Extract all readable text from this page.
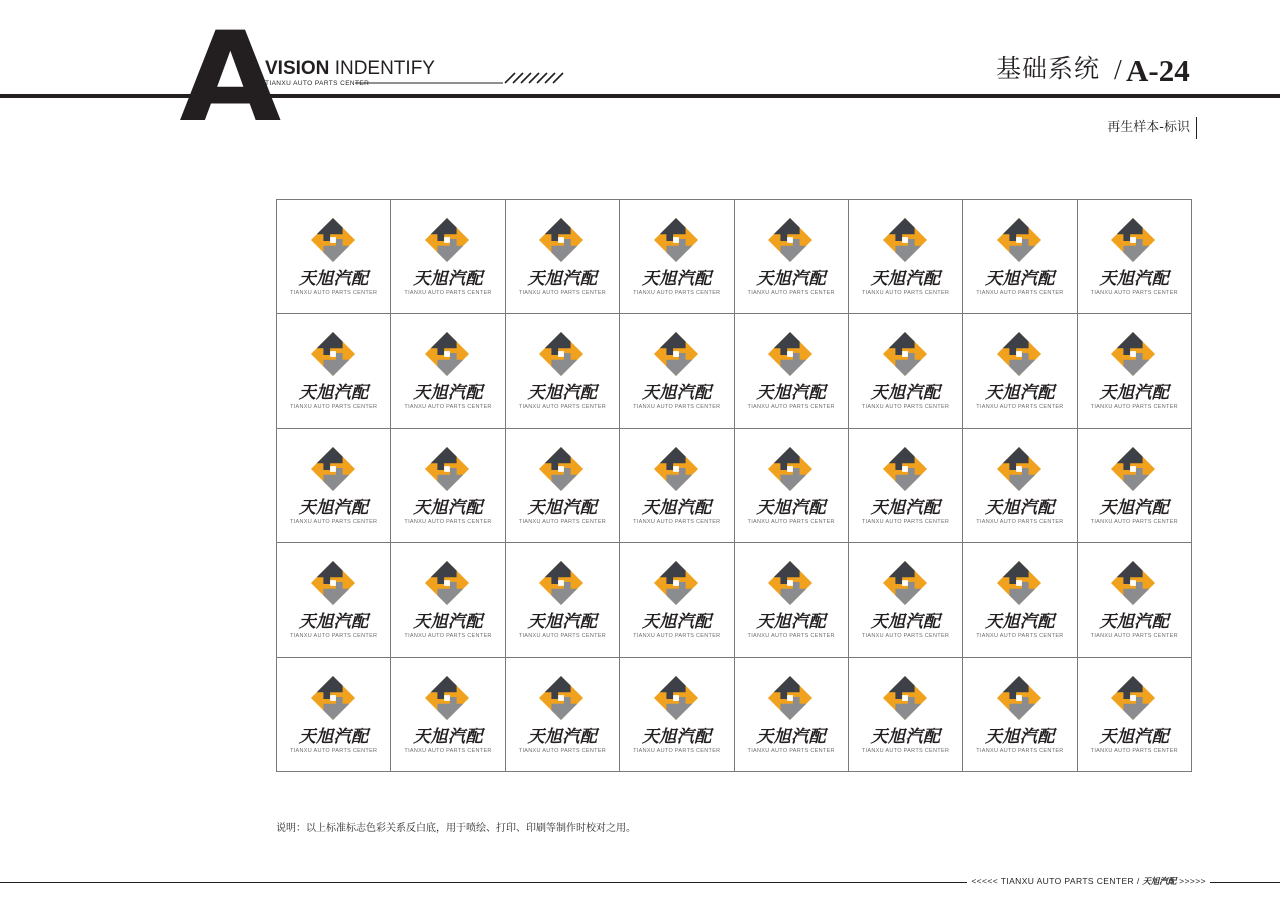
A
VISION INDENTIFY
TIANXU AUTO PARTS CENTER
基础系统 / A-24
再生样本-标识
天旭汽配
TIANXU AUTO PARTS CENTER
天旭汽配
TIANXU AUTO PARTS CENTER
天旭汽配
TIANXU AUTO PARTS CENTER
天旭汽配
TIANXU AUTO PARTS CENTER
天旭汽配
TIANXU AUTO PARTS CENTER
天旭汽配
TIANXU AUTO PARTS CENTER
天旭汽配
TIANXU AUTO PARTS CENTER
天旭汽配
TIANXU AUTO PARTS CENTER
天旭汽配
TIANXU AUTO PARTS CENTER
天旭汽配
TIANXU AUTO PARTS CENTER
天旭汽配
TIANXU AUTO PARTS CENTER
天旭汽配
TIANXU AUTO PARTS CENTER
天旭汽配
TIANXU AUTO PARTS CENTER
天旭汽配
TIANXU AUTO PARTS CENTER
天旭汽配
TIANXU AUTO PARTS CENTER
天旭汽配
TIANXU AUTO PARTS CENTER
天旭汽配
TIANXU AUTO PARTS CENTER
天旭汽配
TIANXU AUTO PARTS CENTER
天旭汽配
TIANXU AUTO PARTS CENTER
天旭汽配
TIANXU AUTO PARTS CENTER
天旭汽配
TIANXU AUTO PARTS CENTER
天旭汽配
TIANXU AUTO PARTS CENTER
天旭汽配
TIANXU AUTO PARTS CENTER
天旭汽配
TIANXU AUTO PARTS CENTER
天旭汽配
TIANXU AUTO PARTS CENTER
天旭汽配
TIANXU AUTO PARTS CENTER
天旭汽配
TIANXU AUTO PARTS CENTER
天旭汽配
TIANXU AUTO PARTS CENTER
天旭汽配
TIANXU AUTO PARTS CENTER
天旭汽配
TIANXU AUTO PARTS CENTER
天旭汽配
TIANXU AUTO PARTS CENTER
天旭汽配
TIANXU AUTO PARTS CENTER
天旭汽配
TIANXU AUTO PARTS CENTER
天旭汽配
TIANXU AUTO PARTS CENTER
天旭汽配
TIANXU AUTO PARTS CENTER
天旭汽配
TIANXU AUTO PARTS CENTER
天旭汽配
TIANXU AUTO PARTS CENTER
天旭汽配
TIANXU AUTO PARTS CENTER
天旭汽配
TIANXU AUTO PARTS CENTER
天旭汽配
TIANXU AUTO PARTS CENTER
说明：以上标准标志色彩关系反白底，用于喷绘、打印、印刷等制作时校对之用。
<<<<< TIANXU AUTO PARTS CENTER / 天旭汽配 >>>>>
